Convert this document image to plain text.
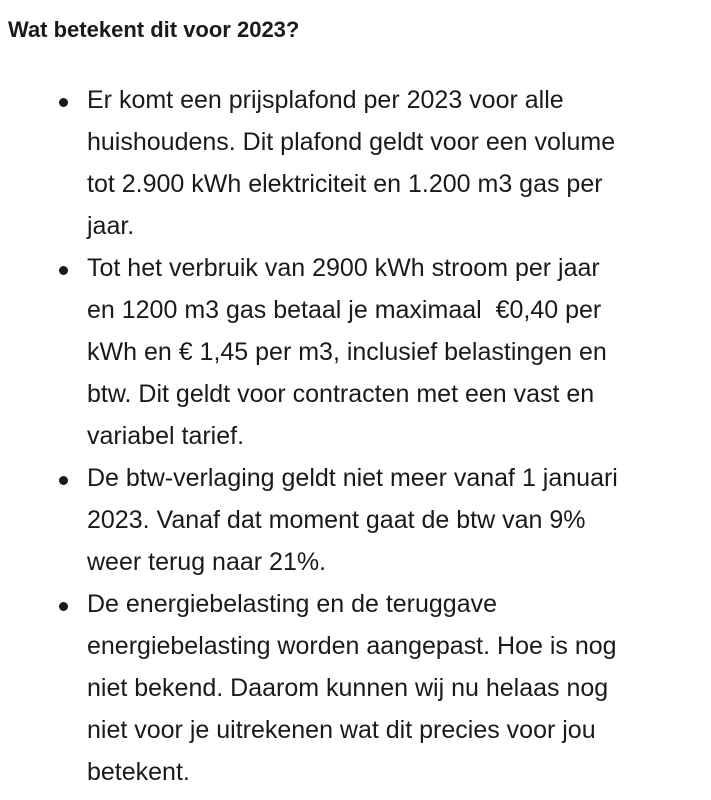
Wat betekent dit voor 2023?
Er komt een prijsplafond per 2023 voor alle
huishoudens. Dit plafond geldt voor een volume
tot 2.900 kWh elektriciteit en 1.200 m3 gas per
jaar.
Tot het verbruik van 2900 kWh stroom per jaar
en 1200 m3 gas betaal je maximaal  €0,40 per
kWh en € 1,45 per m3, inclusief belastingen en
btw. Dit geldt voor contracten met een vast en
variabel tarief.
De btw-verlaging geldt niet meer vanaf 1 januari
2023. Vanaf dat moment gaat de btw van 9%
weer terug naar 21%.
De energiebelasting en de teruggave
energiebelasting worden aangepast. Hoe is nog
niet bekend. Daarom kunnen wij nu helaas nog
niet voor je uitrekenen wat dit precies voor jou
betekent.
